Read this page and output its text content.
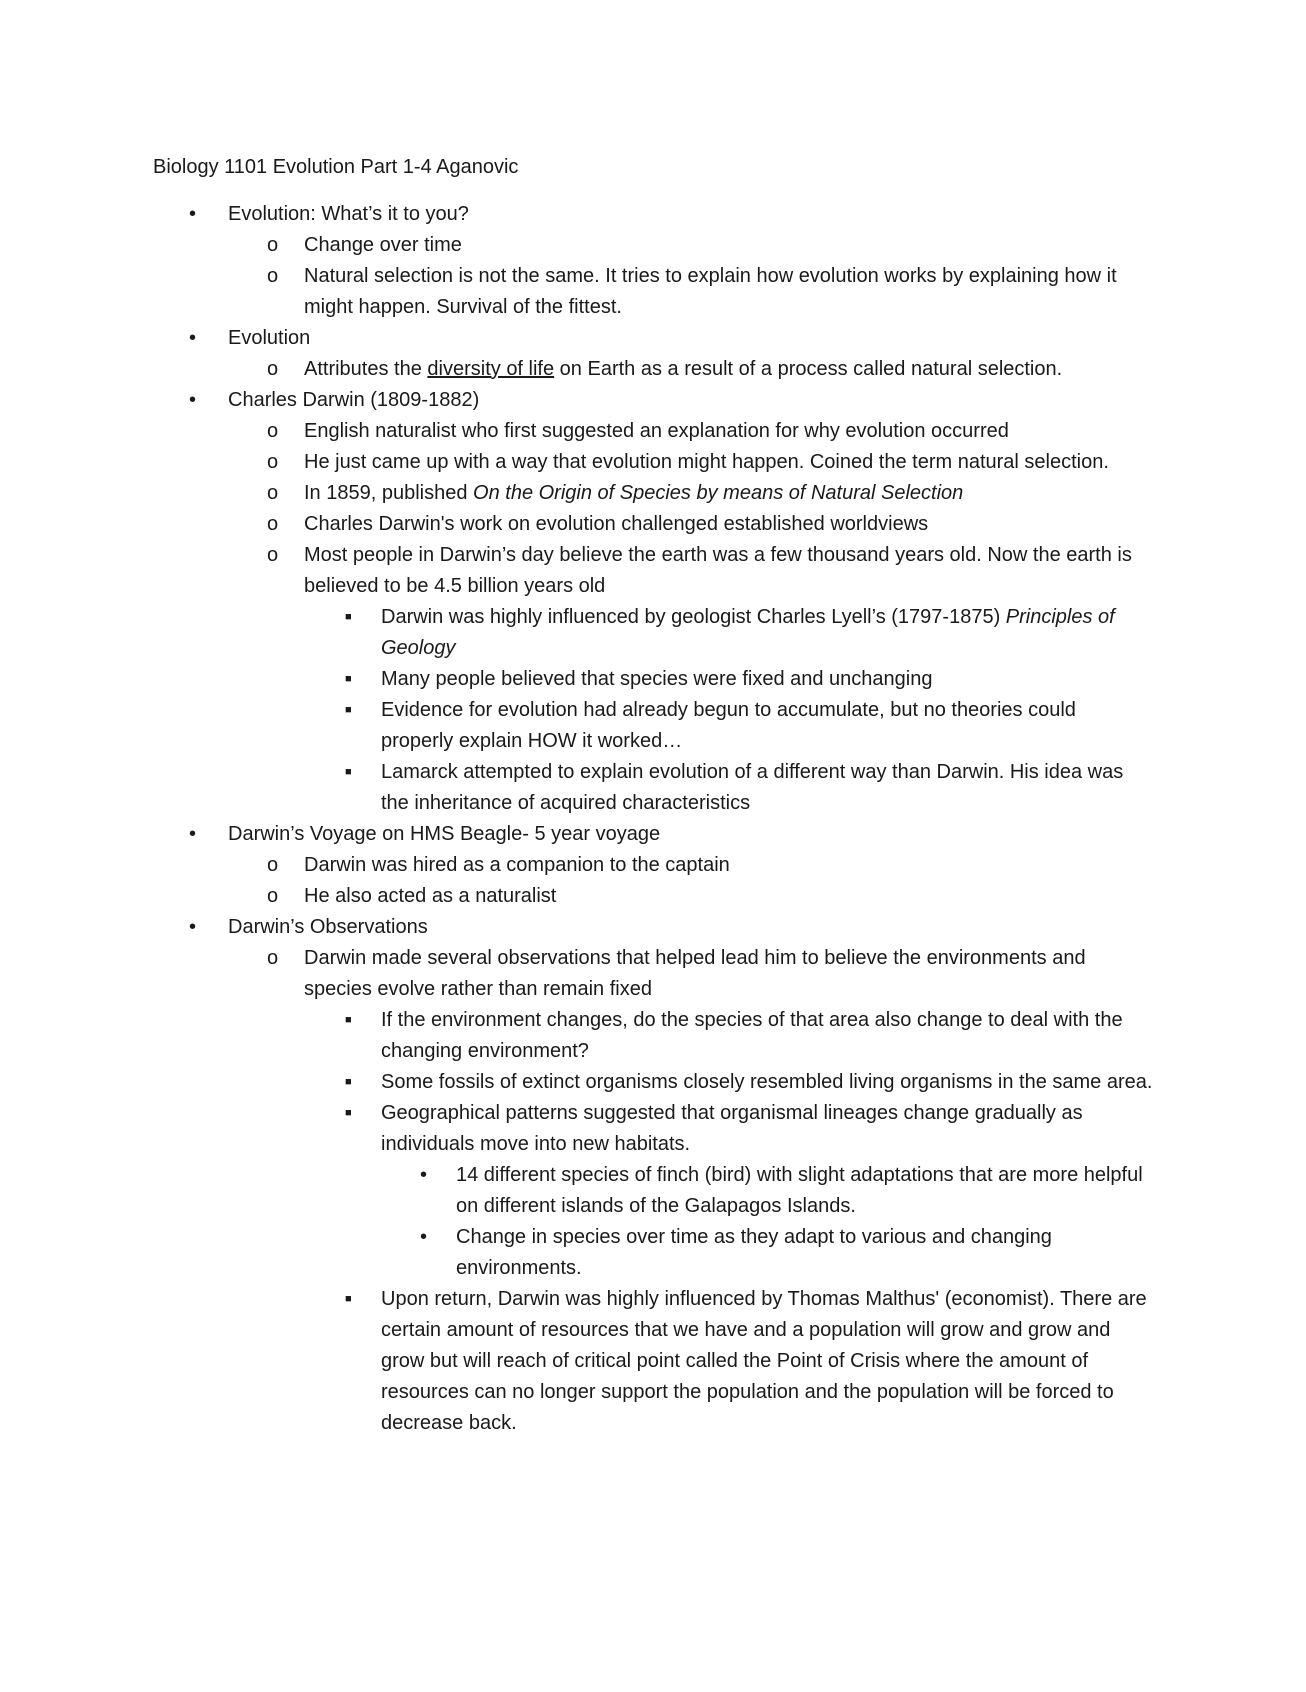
Biology 1101 Evolution Part 1-4 Aganovic
• Evolution: What’s it to you?
o Change over time
o Natural selection is not the same. It tries to explain how evolution works by explaining how it might happen. Survival of the fittest.
• Evolution
o Attributes the diversity of life on Earth as a result of a process called natural selection.
• Charles Darwin (1809-1882)
o English naturalist who first suggested an explanation for why evolution occurred
o He just came up with a way that evolution might happen. Coined the term natural selection.
o In 1859, published On the Origin of Species by means of Natural Selection
o Charles Darwin's work on evolution challenged established worldviews
o Most people in Darwin’s day believe the earth was a few thousand years old. Now the earth is believed to be 4.5 billion years old
■ Darwin was highly influenced by geologist Charles Lyell’s (1797-1875) Principles of Geology
■ Many people believed that species were fixed and unchanging
■ Evidence for evolution had already begun to accumulate, but no theories could properly explain HOW it worked…
■ Lamarck attempted to explain evolution of a different way than Darwin. His idea was the inheritance of acquired characteristics
• Darwin’s Voyage on HMS Beagle- 5 year voyage
o Darwin was hired as a companion to the captain
o He also acted as a naturalist
• Darwin’s Observations
o Darwin made several observations that helped lead him to believe the environments and species evolve rather than remain fixed
■ If the environment changes, do the species of that area also change to deal with the changing environment?
■ Some fossils of extinct organisms closely resembled living organisms in the same area.
■ Geographical patterns suggested that organismal lineages change gradually as individuals move into new habitats.
• 14 different species of finch (bird) with slight adaptations that are more helpful on different islands of the Galapagos Islands.
• Change in species over time as they adapt to various and changing environments.
■ Upon return, Darwin was highly influenced by Thomas Malthus' (economist). There are certain amount of resources that we have and a population will grow and grow and grow but will reach of critical point called the Point of Crisis where the amount of resources can no longer support the population and the population will be forced to decrease back.
